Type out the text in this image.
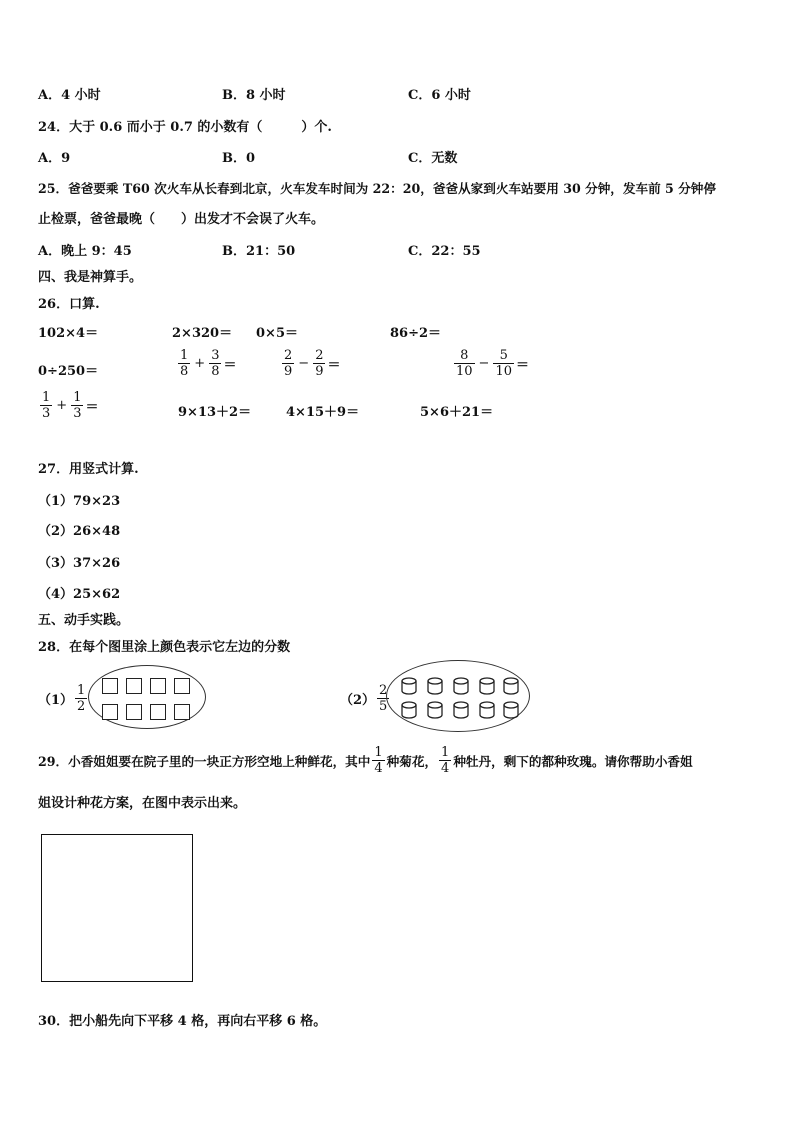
A．4 小时	B．8 小时	C．6 小时
24．大于 0.6 而小于 0.7 的小数有（　　　）个.
A．9	B．0	C．无数
25．爸爸要乘 T60 次火车从长春到北京，火车发车时间为 22：20，爸爸从家到火车站要用 30 分钟，发车前 5 分钟停
止检票，爸爸最晚（　　）出发才不会误了火车。
A．晚上 9：45	B．21：50	C．22：55
四、我是神算手。
26．口算.
102×4＝	2×320＝ 0×5＝	86÷2＝
0÷250＝	$\frac{1}{8} + \frac{3}{8}$ ＝	$\frac{2}{9} - \frac{2}{9}$ ＝	$\frac{8}{10} - \frac{5}{10}$ ＝
$\frac{1}{3} + \frac{1}{3}$ ＝	9×13＋2＝	4×15＋9＝	5×6＋21＝
27．用竖式计算.
（1）79×23
（2）26×48
（3）37×26
（4）25×62
五、动手实践。
28．在每个图里涂上颜色表示它左边的分数
$(1) \frac{1}{2}$	$(2) \frac{2}{5}$
29．小香姐姐要在院子里的一块正方形空地上种鲜花，其中 $\frac{1}{4}$ 种菊花， $\frac{1}{4}$ 种牡丹，剩下的都种玫瑰。请你帮助小香姐
姐设计种花方案，在图中表示出来。
30．把小船先向下平移 4 格，再向右平移 6 格。
